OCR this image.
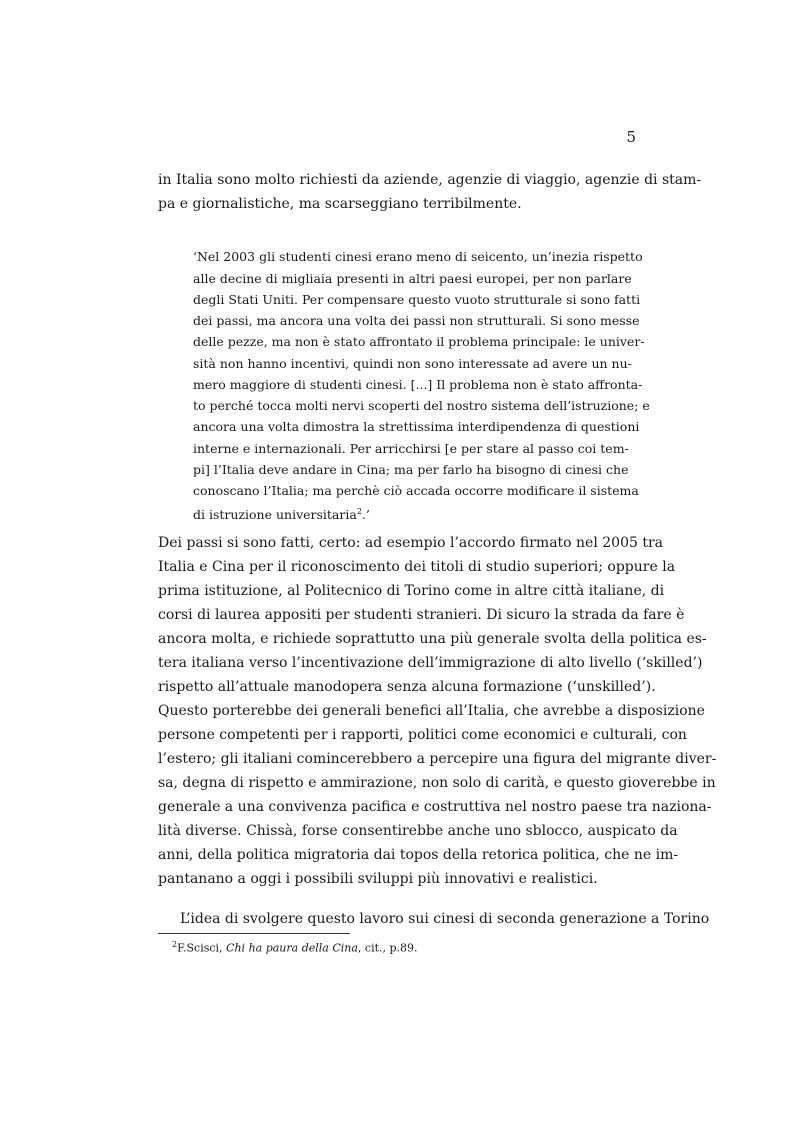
5
in Italia sono molto richiesti da aziende, agenzie di viaggio, agenzie di stam-
pa e giornalistiche, ma scarseggiano terribilmente.
‘Nel 2003 gli studenti cinesi erano meno di seicento, un’inezia rispetto
alle decine di migliaia presenti in altri paesi europei, per non parlare
degli Stati Uniti. Per compensare questo vuoto strutturale si sono fatti
dei passi, ma ancora una volta dei passi non strutturali. Si sono messe
delle pezze, ma non è stato affrontato il problema principale: le univer-
sità non hanno incentivi, quindi non sono interessate ad avere un nu-
mero maggiore di studenti cinesi. [...] Il problema non è stato affronta-
to perché tocca molti nervi scoperti del nostro sistema dell’istruzione; e
ancora una volta dimostra la strettissima interdipendenza di questioni
interne e internazionali. Per arricchirsi [e per stare al passo coi tem-
pi] l’Italia deve andare in Cina; ma per farlo ha bisogno di cinesi che
conoscano l’Italia; ma perchè ciò accada occorre modificare il sistema
di istruzione universitaria$^2$.’
Dei passi si sono fatti, certo: ad esempio l’accordo firmato nel 2005 tra
Italia e Cina per il riconoscimento dei titoli di studio superiori; oppure la
prima istituzione, al Politecnico di Torino come in altre città italiane, di
corsi di laurea appositi per studenti stranieri. Di sicuro la strada da fare è
ancora molta, e richiede soprattutto una più generale svolta della politica es-
tera italiana verso l’incentivazione dell’immigrazione di alto livello (‘skilled’)
rispetto all’attuale manodopera senza alcuna formazione (‘unskilled’).
Questo porterebbe dei generali benefici all’Italia, che avrebbe a disposizione
persone competenti per i rapporti, politici come economici e culturali, con
l’estero; gli italiani comincerebbero a percepire una figura del migrante diver-
sa, degna di rispetto e ammirazione, non solo di carità, e questo gioverebbe in
generale a una convivenza pacifica e costruttiva nel nostro paese tra naziona-
lità diverse. Chissà, forse consentirebbe anche uno sblocco, auspicato da
anni, della politica migratoria dai topos della retorica politica, che ne im-
pantanano a oggi i possibili sviluppi più innovativi e realistici.
L’idea di svolgere questo lavoro sui cinesi di seconda generazione a Torino
$^2$F.Scisci, Chi ha paura della Cina, cit., p.89.
